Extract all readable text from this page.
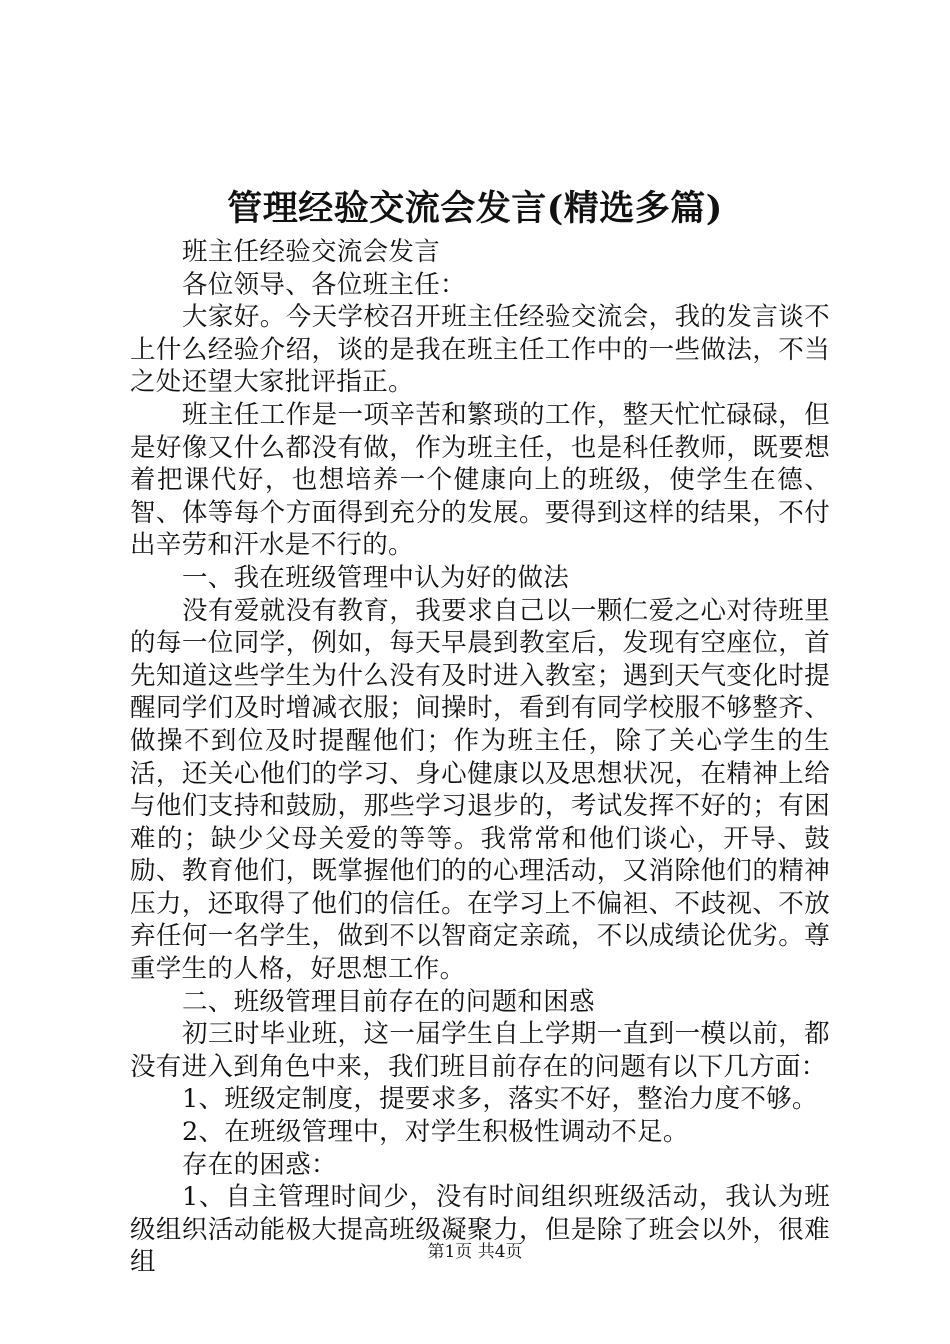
管理经验交流会发言(精选多篇)

班主任经验交流会发言

各位领导、各位班主任：

大家好。今天学校召开班主任经验交流会，我的发言谈不上什么经验介绍，谈的是我在班主任工作中的一些做法，不当之处还望大家批评指正。

班主任工作是一项辛苦和繁琐的工作，整天忙忙碌碌，但是好像又什么都没有做，作为班主任，也是科任教师，既要想着把课代好，也想培养一个健康向上的班级，使学生在德、智、体等每个方面得到充分的发展。要得到这样的结果，不付出辛劳和汗水是不行的。

一、我在班级管理中认为好的做法

没有爱就没有教育，我要求自己以一颗仁爱之心对待班里的每一位同学，例如，每天早晨到教室后，发现有空座位，首先知道这些学生为什么没有及时进入教室；遇到天气变化时提醒同学们及时增减衣服；间操时，看到有同学校服不够整齐、做操不到位及时提醒他们；作为班主任，除了关心学生的生活，还关心他们的学习、身心健康以及思想状况，在精神上给与他们支持和鼓励，那些学习退步的，考试发挥不好的；有困难的；缺少父母关爱的等等。我常常和他们谈心，开导、鼓励、教育他们，既掌握他们的的心理活动，又消除他们的精神压力，还取得了他们的信任。在学习上不偏袒、不歧视、不放弃任何一名学生，做到不以智商定亲疏，不以成绩论优劣。尊重学生的人格，好思想工作。

二、班级管理目前存在的问题和困惑

初三时毕业班，这一届学生自上学期一直到一模以前，都没有进入到角色中来，我们班目前存在的问题有以下几方面：

1、班级定制度，提要求多，落实不好，整治力度不够。

2、在班级管理中，对学生积极性调动不足。

存在的困惑：

1、自主管理时间少，没有时间组织班级活动，我认为班级组织活动能极大提高班级凝聚力，但是除了班会以外，很难组	第1页 共4页
